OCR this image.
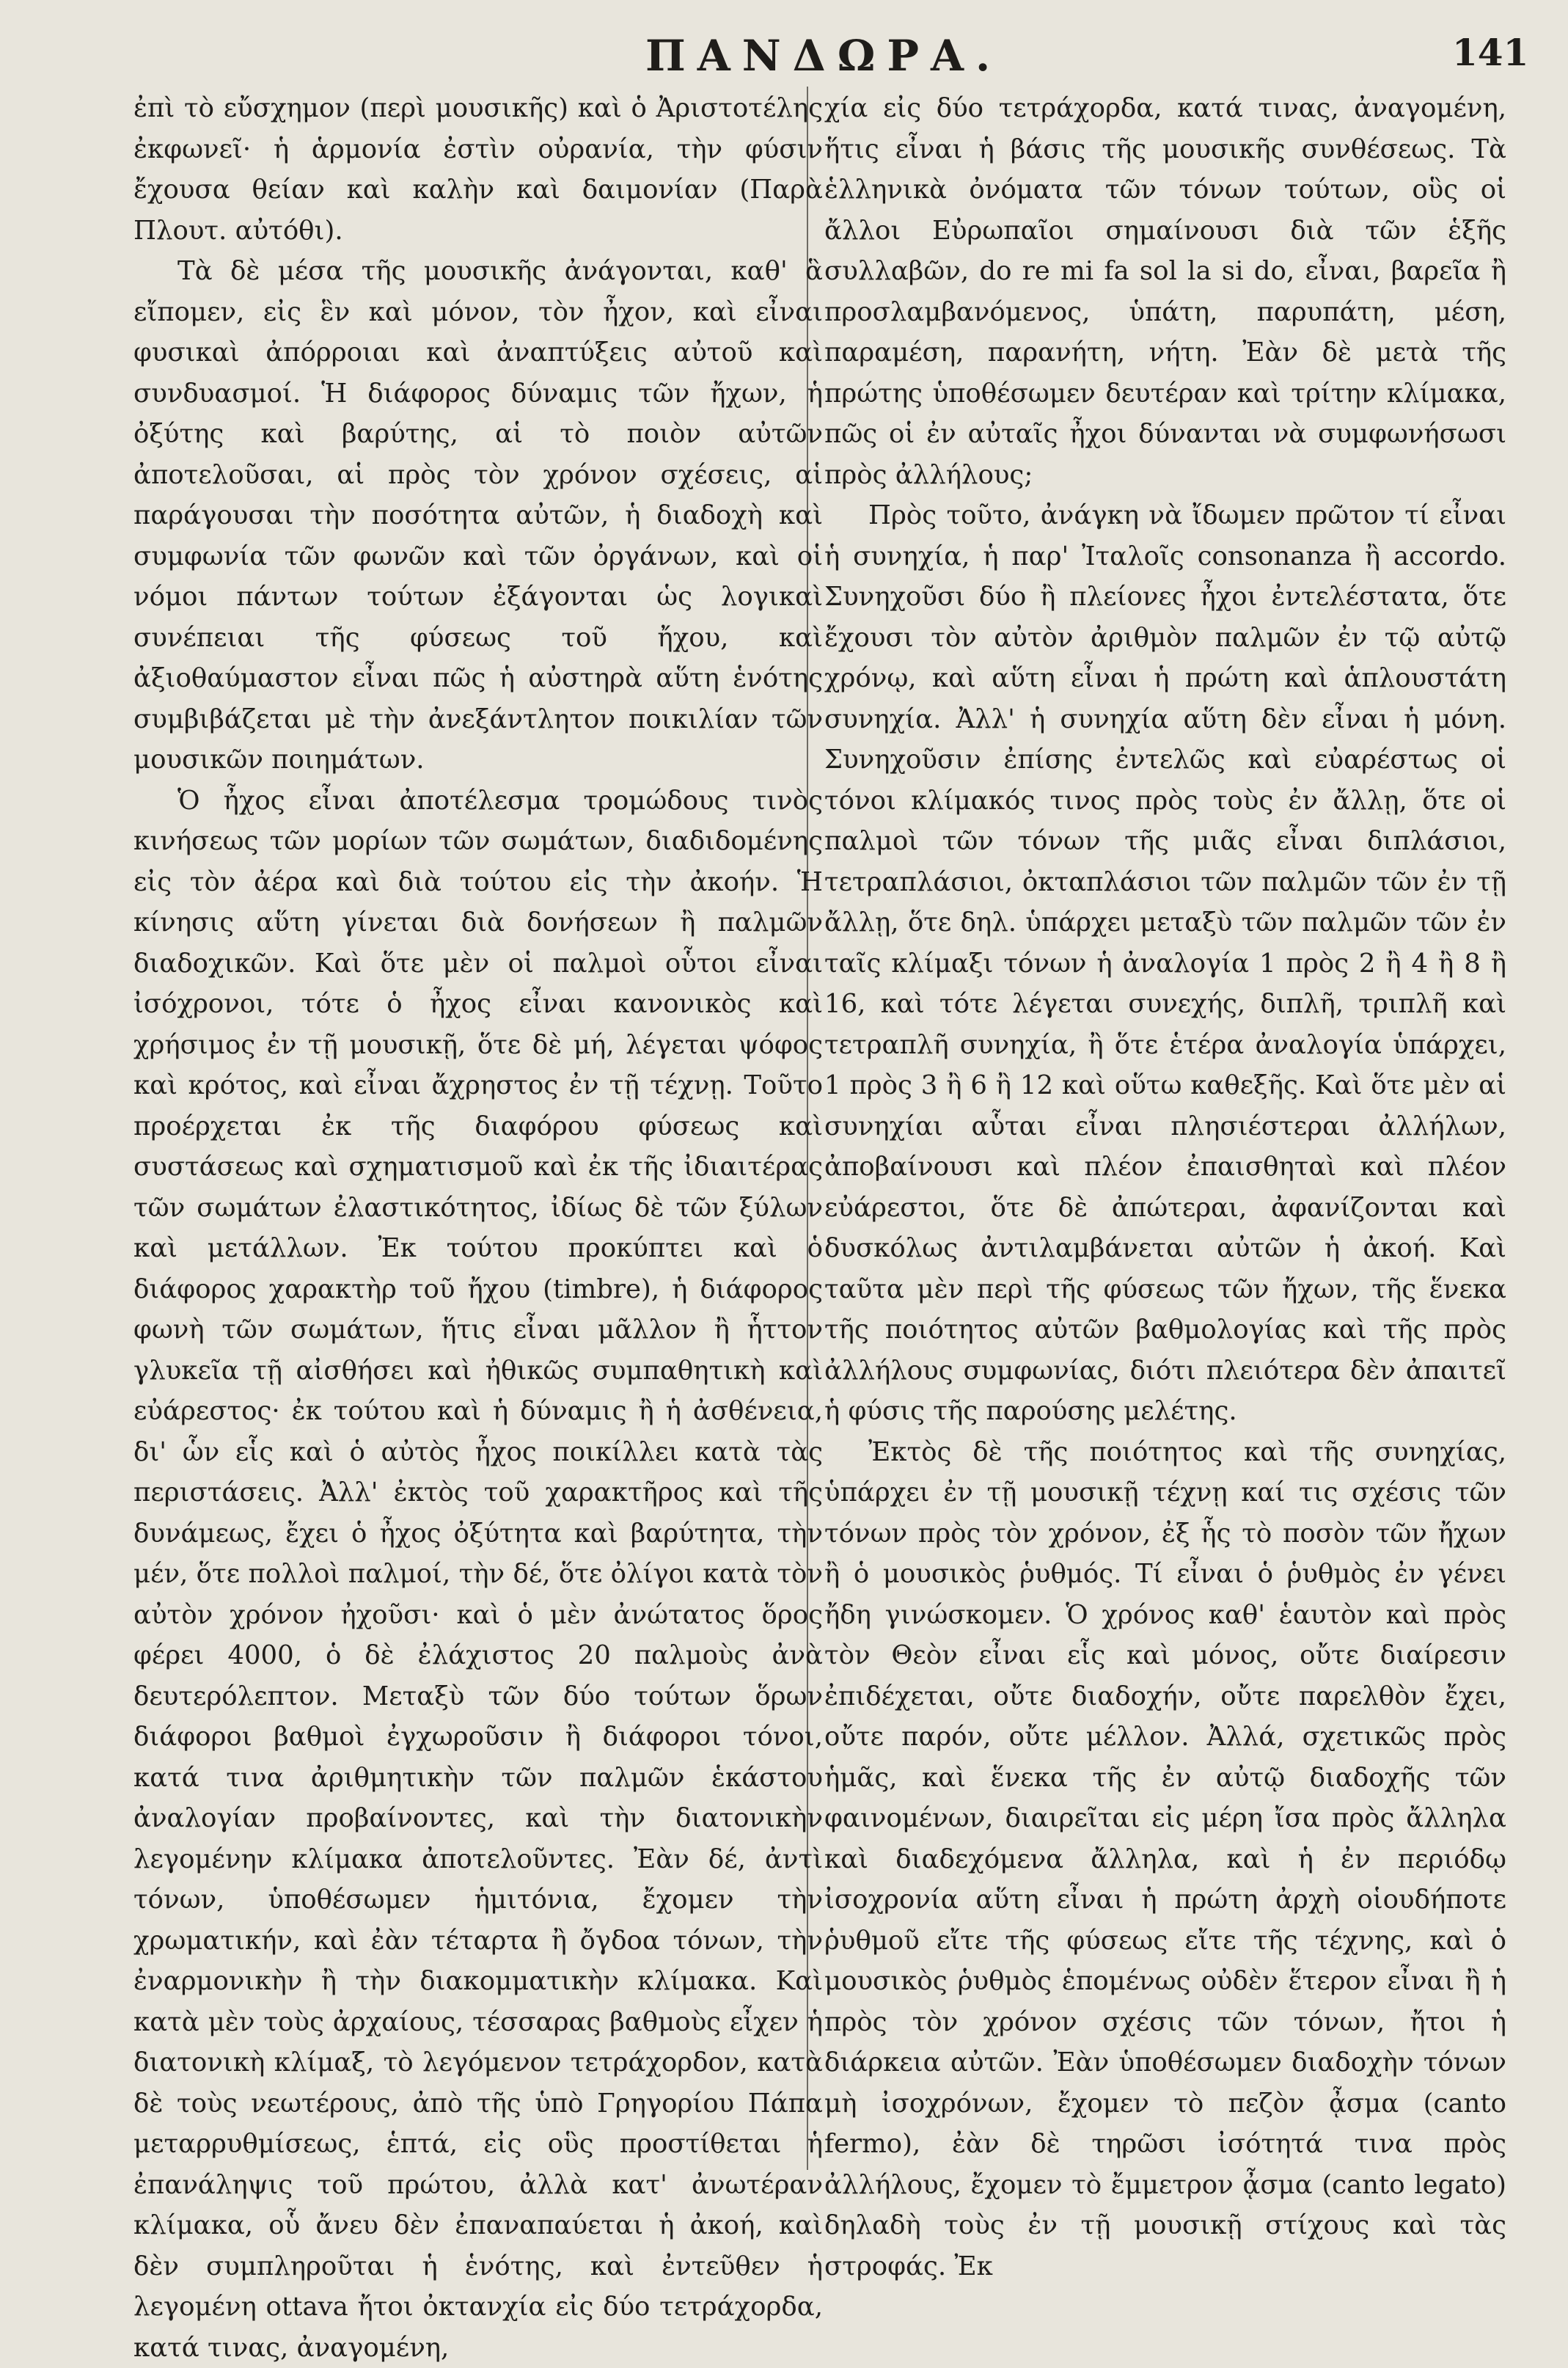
ΠΑΝΔΩΡΑ.	141

ἐπὶ τὸ εὔσχημον (περὶ μουσικῆς) καὶ ὁ Ἀριστοτέλης ἐκφωνεῖ· ἡ ἁρμονία ἐστὶν οὐρανία, τὴν φύσιν ἔχουσα θείαν καὶ καλὴν καὶ δαιμονίαν (Παρὰ Πλουτ. αὐτόθι).

Τὰ δὲ μέσα τῆς μουσικῆς ἀνάγονται, καθ' ἃ εἴπομεν, εἰς ἓν καὶ μόνον, τὸν ἦχον, καὶ εἶναι φυσικαὶ ἀπόρροιαι καὶ ἀναπτύξεις αὐτοῦ καὶ συνδυασμοί. Ἡ διάφορος δύναμις τῶν ἤχων, ἡ ὀξύτης καὶ βαρύτης, αἱ τὸ ποιὸν αὐτῶν ἀποτελοῦσαι, αἱ πρὸς τὸν χρόνον σχέσεις, αἱ παράγουσαι τὴν ποσότητα αὐτῶν, ἡ διαδοχὴ καὶ συμφωνία τῶν φωνῶν καὶ τῶν ὀργάνων, καὶ οἱ νόμοι πάντων τούτων ἐξάγονται ὡς λογικαὶ συνέπειαι τῆς φύσεως τοῦ ἤχου, καὶ ἀξιοθαύμαστον εἶναι πῶς ἡ αὐστηρὰ αὕτη ἑνότης συμβιβάζεται μὲ τὴν ἀνεξάντλητον ποικιλίαν τῶν μουσικῶν ποιημάτων.

Ὁ ἦχος εἶναι ἀποτέλεσμα τρομώδους τινὸς κινήσεως τῶν μορίων τῶν σωμάτων, διαδιδομένης εἰς τὸν ἀέρα καὶ διὰ τούτου εἰς τὴν ἀκοήν. Ἡ κίνησις αὕτη γίνεται διὰ δονήσεων ἢ παλμῶν διαδοχικῶν. Καὶ ὅτε μὲν οἱ παλμοὶ οὗτοι εἶναι ἰσόχρονοι, τότε ὁ ἦχος εἶναι κανονικὸς καὶ χρήσιμος ἐν τῇ μουσικῇ, ὅτε δὲ μή, λέγεται ψόφος καὶ κρότος, καὶ εἶναι ἄχρηστος ἐν τῇ τέχνῃ. Τοῦτο προέρχεται ἐκ τῆς διαφόρου φύσεως καὶ συστάσεως καὶ σχηματισμοῦ καὶ ἐκ τῆς ἰδιαιτέρας τῶν σωμάτων ἐλαστικότητος, ἰδίως δὲ τῶν ξύλων καὶ μετάλλων. Ἐκ τούτου προκύπτει καὶ ὁ διάφορος χαρακτὴρ τοῦ ἤχου (timbre), ἡ διάφορος φωνὴ τῶν σωμάτων, ἥτις εἶναι μᾶλλον ἢ ἧττον γλυκεῖα τῇ αἰσθήσει καὶ ἠθικῶς συμπαθητικὴ καὶ εὐάρεστος· ἐκ τούτου καὶ ἡ δύναμις ἢ ἡ ἀσθένεια, δι' ὧν εἷς καὶ ὁ αὐτὸς ἦχος ποικίλλει κατὰ τὰς περιστάσεις. Ἀλλ' ἐκτὸς τοῦ χαρακτῆρος καὶ τῆς δυνάμεως, ἔχει ὁ ἦχος ὀξύτητα καὶ βαρύτητα, τὴν μέν, ὅτε πολλοὶ παλμοί, τὴν δέ, ὅτε ὀλίγοι κατὰ τὸν αὐτὸν χρόνον ἠχοῦσι· καὶ ὁ μὲν ἀνώτατος ὅρος φέρει 4000, ὁ δὲ ἐλάχιστος 20 παλμοὺς ἀνὰ δευτερόλεπτον. Μεταξὺ τῶν δύο τούτων ὅρων διάφοροι βαθμοὶ ἐγχωροῦσιν ἢ διάφοροι τόνοι, κατά τινα ἀριθμητικὴν τῶν παλμῶν ἑκάστου ἀναλογίαν προβαίνοντες, καὶ τὴν διατονικὴν λεγομένην κλίμακα ἀποτελοῦντες. Ἐὰν δέ, ἀντὶ τόνων, ὑποθέσωμεν ἡμιτόνια, ἔχομεν τὴν χρωματικήν, καὶ ἐὰν τέταρτα ἢ ὄγδοα τόνων, τὴν ἐναρμονικὴν ἢ τὴν διακομματικὴν κλίμακα. Καὶ κατὰ μὲν τοὺς ἀρχαίους, τέσσαρας βαθμοὺς εἶχεν ἡ διατονικὴ κλίμαξ, τὸ λεγόμενον τετράχορδον, κατὰ δὲ τοὺς νεωτέρους, ἀπὸ τῆς ὑπὸ Γρηγορίου Πάπα μεταρρυθμίσεως, ἑπτά, εἰς οὓς προστίθεται ἡ ἐπανάληψις τοῦ πρώτου, ἀλλὰ κατ' ἀνωτέραν κλίμακα, οὗ ἄνευ δὲν ἐπαναπαύεται ἡ ἀκοή, καὶ δὲν συμπληροῦται ἡ ἑνότης, καὶ ἐντεῦθεν ἡ λεγομένη ottava ἤτοι ὀκτανχία εἰς δύο τετράχορδα, κατά τινας, ἀναγομένη,

χία εἰς δύο τετράχορδα, κατά τινας, ἀναγομένη, ἥτις εἶναι ἡ βάσις τῆς μουσικῆς συνθέσεως. Τὰ ἑλληνικὰ ὀνόματα τῶν τόνων τούτων, οὓς οἱ ἄλλοι Εὐρωπαῖοι σημαίνουσι διὰ τῶν ἑξῆς συλλαβῶν, do re mi fa sol la si do, εἶναι, βαρεῖα ἢ προσλαμβανόμενος, ὑπάτη, παρυπάτη, μέση, παραμέση, παρανήτη, νήτη. Ἐὰν δὲ μετὰ τῆς πρώτης ὑποθέσωμεν δευτέραν καὶ τρίτην κλίμακα, πῶς οἱ ἐν αὐταῖς ἦχοι δύνανται νὰ συμφωνήσωσι πρὸς ἀλλήλους;

Πρὸς τοῦτο, ἀνάγκη νὰ ἴδωμεν πρῶτον τί εἶναι ἡ συνηχία, ἡ παρ' Ἰταλοῖς consonanza ἢ accordo. Συνηχοῦσι δύο ἢ πλείονες ἦχοι ἐντελέστατα, ὅτε ἔχουσι τὸν αὐτὸν ἀριθμὸν παλμῶν ἐν τῷ αὐτῷ χρόνῳ, καὶ αὕτη εἶναι ἡ πρώτη καὶ ἁπλουστάτη συνηχία. Ἀλλ' ἡ συνηχία αὕτη δὲν εἶναι ἡ μόνη. Συνηχοῦσιν ἐπίσης ἐντελῶς καὶ εὐαρέστως οἱ τόνοι κλίμακός τινος πρὸς τοὺς ἐν ἄλλῃ, ὅτε οἱ παλμοὶ τῶν τόνων τῆς μιᾶς εἶναι διπλάσιοι, τετραπλάσιοι, ὀκταπλάσιοι τῶν παλμῶν τῶν ἐν τῇ ἄλλῃ, ὅτε δηλ. ὑπάρχει μεταξὺ τῶν παλμῶν τῶν ἐν ταῖς κλίμαξι τόνων ἡ ἀναλογία 1 πρὸς 2 ἢ 4 ἢ 8 ἢ 16, καὶ τότε λέγεται συνεχής, διπλῆ, τριπλῆ καὶ τετραπλῆ συνηχία, ἢ ὅτε ἑτέρα ἀναλογία ὑπάρχει, 1 πρὸς 3 ἢ 6 ἢ 12 καὶ οὕτω καθεξῆς. Καὶ ὅτε μὲν αἱ συνηχίαι αὗται εἶναι πλησιέστεραι ἀλλήλων, ἀποβαίνουσι καὶ πλέον ἐπαισθηταὶ καὶ πλέον εὐάρεστοι, ὅτε δὲ ἀπώτεραι, ἀφανίζονται καὶ δυσκόλως ἀντιλαμβάνεται αὐτῶν ἡ ἀκοή. Καὶ ταῦτα μὲν περὶ τῆς φύσεως τῶν ἤχων, τῆς ἕνεκα τῆς ποιότητος αὐτῶν βαθμολογίας καὶ τῆς πρὸς ἀλλήλους συμφωνίας, διότι πλειότερα δὲν ἀπαιτεῖ ἡ φύσις τῆς παρούσης μελέτης.

Ἐκτὸς δὲ τῆς ποιότητος καὶ τῆς συνηχίας, ὑπάρχει ἐν τῇ μουσικῇ τέχνῃ καί τις σχέσις τῶν τόνων πρὸς τὸν χρόνον, ἐξ ἧς τὸ ποσὸν τῶν ἤχων ἢ ὁ μουσικὸς ῥυθμός. Τί εἶναι ὁ ῥυθμὸς ἐν γένει ἤδη γινώσκομεν. Ὁ χρόνος καθ' ἑαυτὸν καὶ πρὸς τὸν Θεὸν εἶναι εἷς καὶ μόνος, οὔτε διαίρεσιν ἐπιδέχεται, οὔτε διαδοχήν, οὔτε παρελθὸν ἔχει, οὔτε παρόν, οὔτε μέλλον. Ἀλλά, σχετικῶς πρὸς ἡμᾶς, καὶ ἕνεκα τῆς ἐν αὐτῷ διαδοχῆς τῶν φαινομένων, διαιρεῖται εἰς μέρη ἴσα πρὸς ἄλληλα καὶ διαδεχόμενα ἄλληλα, καὶ ἡ ἐν περιόδῳ ἰσοχρονία αὕτη εἶναι ἡ πρώτη ἀρχὴ οἱουδήποτε ῥυθμοῦ εἴτε τῆς φύσεως εἴτε τῆς τέχνης, καὶ ὁ μουσικὸς ῥυθμὸς ἑπομένως οὐδὲν ἕτερον εἶναι ἢ ἡ πρὸς τὸν χρόνον σχέσις τῶν τόνων, ἤτοι ἡ διάρκεια αὐτῶν. Ἐὰν ὑποθέσωμεν διαδοχὴν τόνων μὴ ἰσοχρόνων, ἔχομεν τὸ πεζὸν ᾆσμα (canto fermo), ἐὰν δὲ τηρῶσι ἰσότητά τινα πρὸς ἀλλήλους, ἔχομεν τὸ ἔμμετρον ᾆσμα (canto legato) δηλαδὴ τοὺς ἐν τῇ μουσικῇ στίχους καὶ τὰς στροφάς. Ἐκ
